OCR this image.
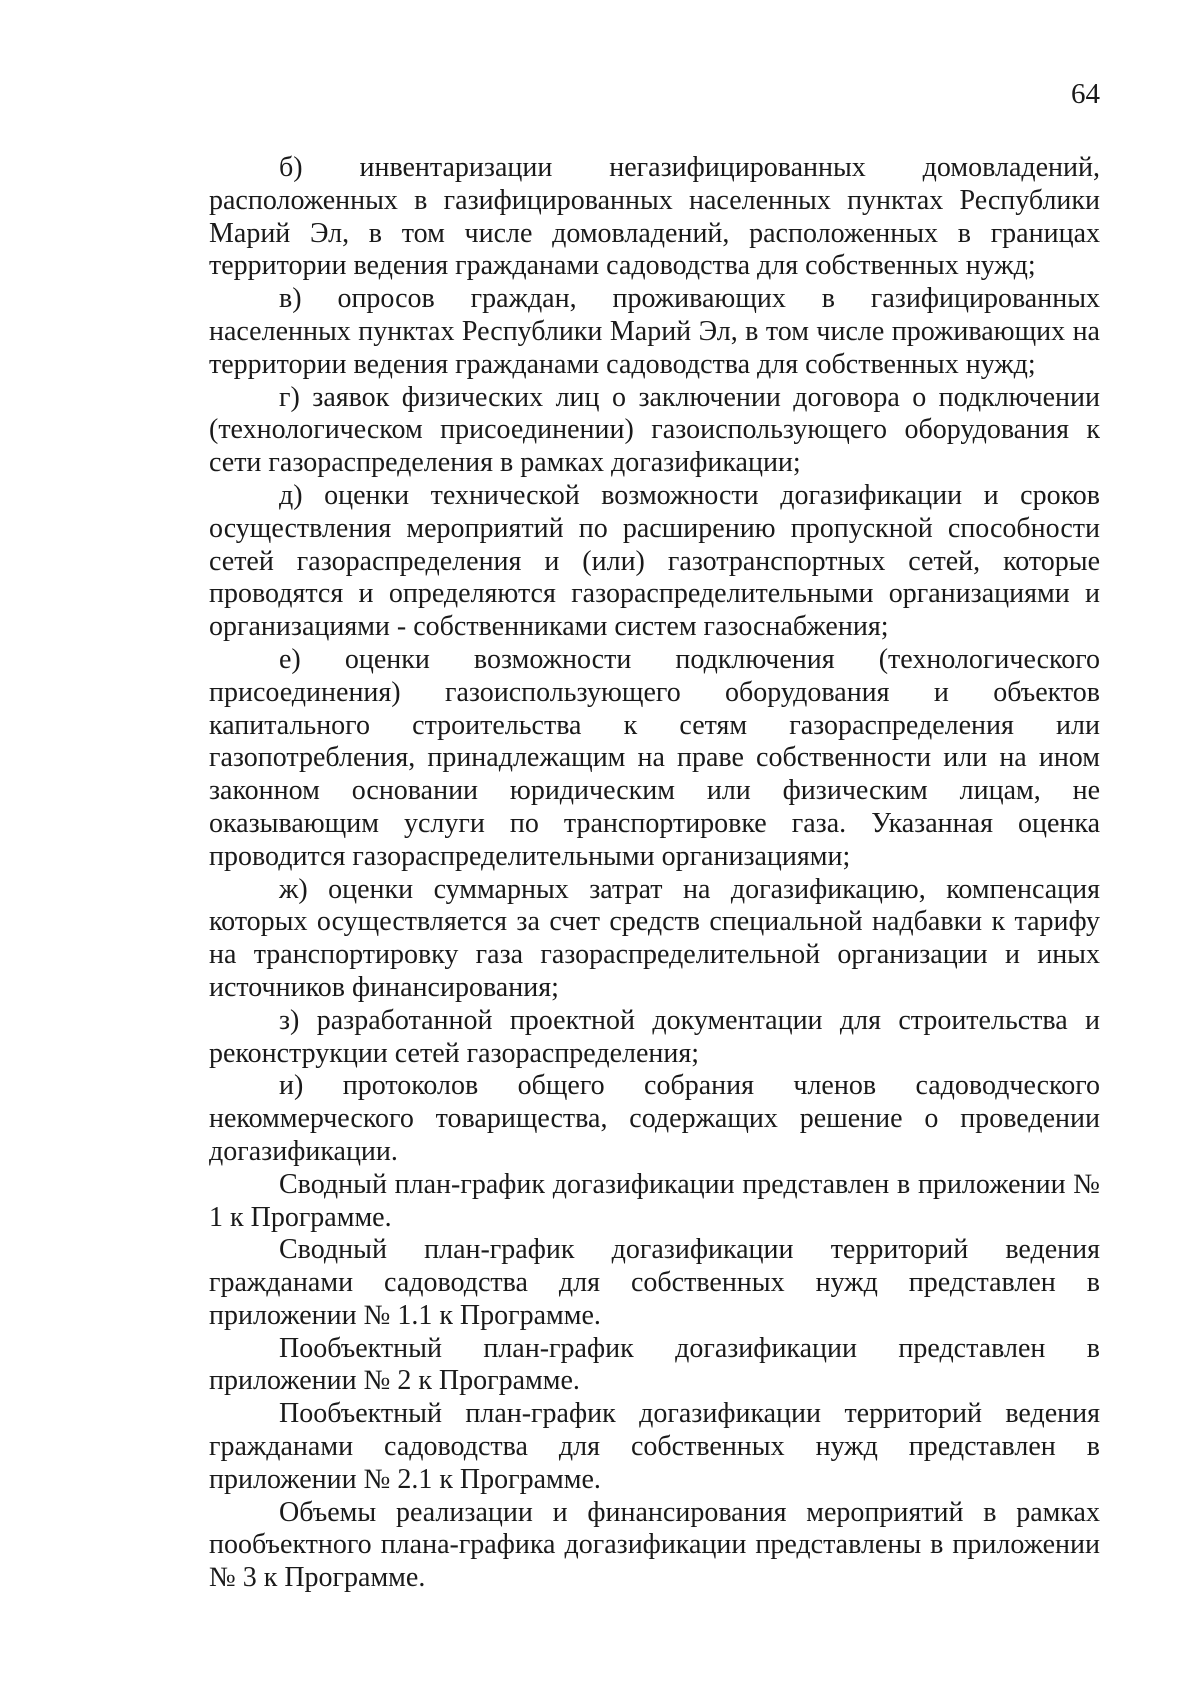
64

б) инвентаризации негазифицированных домовладений, расположенных в газифицированных населенных пунктах Республики Марий Эл, в том числе домовладений, расположенных в границах территории ведения гражданами садоводства для собственных нужд;

в) опросов граждан, проживающих в газифицированных населенных пунктах Республики Марий Эл, в том числе проживающих на территории ведения гражданами садоводства для собственных нужд;

г) заявок физических лиц о заключении договора о подключении (технологическом присоединении) газоиспользующего оборудования к сети газораспределения в рамках догазификации;

д) оценки технической возможности догазификации и сроков осуществления мероприятий по расширению пропускной способности сетей газораспределения и (или) газотранспортных сетей, которые проводятся и определяются газораспределительными организациями и организациями - собственниками систем газоснабжения;

е) оценки возможности подключения (технологического присоединения) газоиспользующего оборудования и объектов капитального строительства к сетям газораспределения или газопотребления, принадлежащим на праве собственности или на ином законном основании юридическим или физическим лицам, не оказывающим услуги по транспортировке газа. Указанная оценка проводится газораспределительными организациями;

ж) оценки суммарных затрат на догазификацию, компенсация которых осуществляется за счет средств специальной надбавки к тарифу на транспортировку газа газораспределительной организации и иных источников финансирования;

з) разработанной проектной документации для строительства и реконструкции сетей газораспределения;

и) протоколов общего собрания членов садоводческого некоммерческого товарищества, содержащих решение о проведении догазификации.

Сводный план-график догазификации представлен в приложении № 1 к Программе.

Сводный план-график догазификации территорий ведения гражданами садоводства для собственных нужд представлен в приложении № 1.1 к Программе.

Пообъектный план-график догазификации представлен в приложении № 2 к Программе.

Пообъектный план-график догазификации территорий ведения гражданами садоводства для собственных нужд представлен в приложении № 2.1 к Программе.

Объемы реализации и финансирования мероприятий в рамках пообъектного плана-графика догазификации представлены в приложении № 3 к Программе.
